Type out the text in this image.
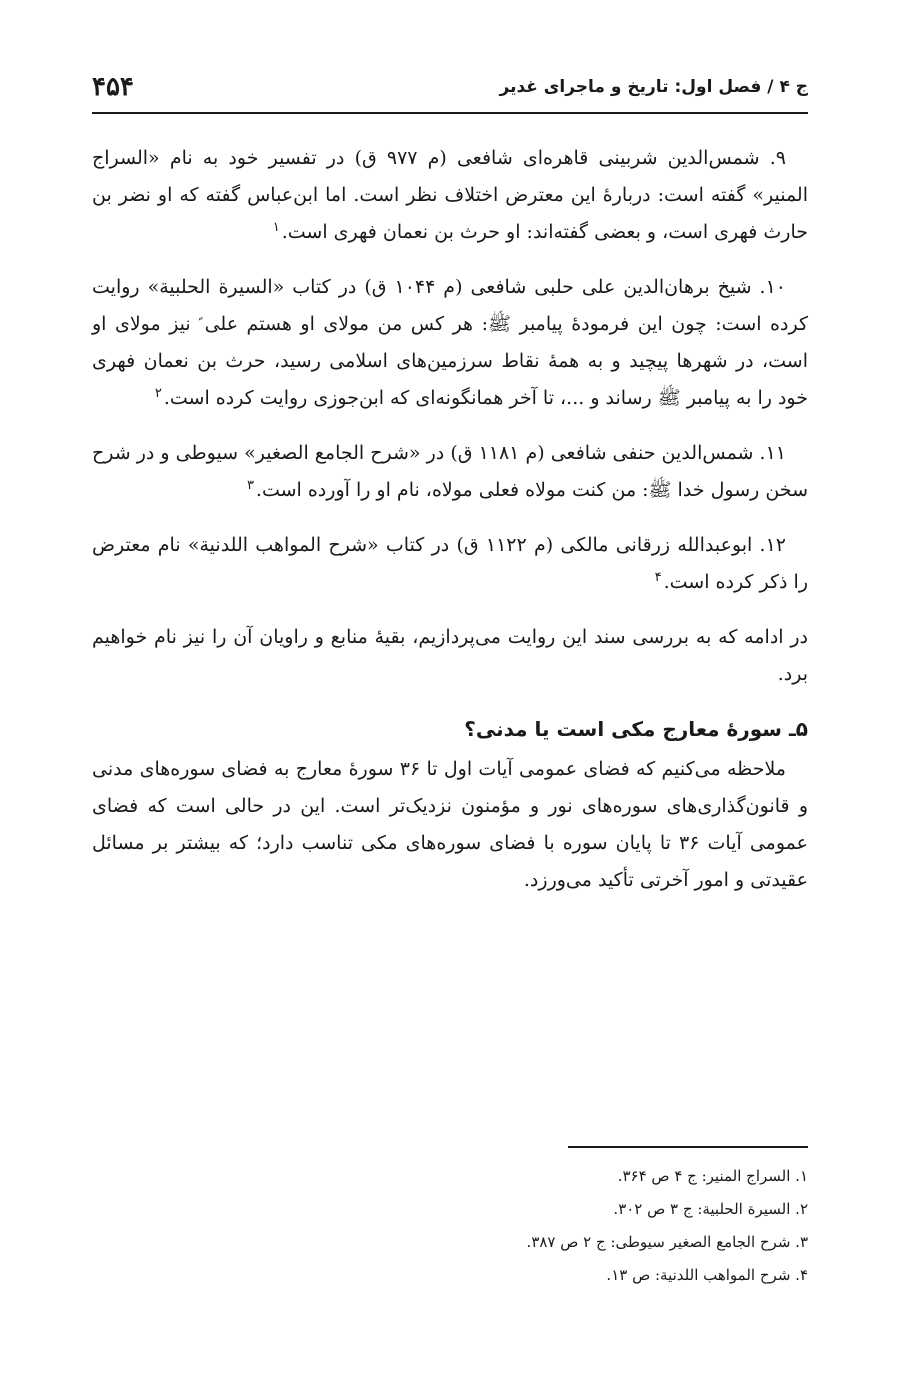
ج ۴ / فصل اول: تاریخ و ماجرای غدیر
۴۵۴

۹. شمس‌الدین شربینی قاهره‌ای شافعی (م ۹۷۷ ق) در تفسیر خود به نام «السراج المنیر» گفته است: دربارهٔ این معترض اختلاف نظر است. اما ابن‌عباس گفته که او نضر بن حارث فهری است، و بعضی گفته‌اند: او حرث بن نعمان فهری است.$^۱$

۱۰. شیخ برهان‌الدین علی حلبی شافعی (م ۱۰۴۴ ق) در کتاب «السیرة الحلبیة» روایت کرده است: چون این فرمودهٔ پیامبر ﷺ: هر کس من مولای او هستم علی ؑ نیز مولای او است، در شهرها پیچید و به همهٔ نقاط سرزمین‌های اسلامی رسید، حرث بن نعمان فهری خود را به پیامبر ﷺ رساند و ...، تا آخر همانگونه‌ای که ابن‌جوزی روایت کرده است.$^۲$

۱۱. شمس‌الدین حنفی شافعی (م ۱۱۸۱ ق) در «شرح الجامع الصغیر» سیوطی و در شرح سخن رسول خدا ﷺ: من کنت مولاه فعلی مولاه، نام او را آورده است.$^۳$

۱۲. ابوعبدالله زرقانی مالکی (م ۱۱۲۲ ق) در کتاب «شرح المواهب اللدنیة» نام معترض را ذکر کرده است.$^۴$

در ادامه که به بررسی سند این روایت می‌پردازیم، بقیهٔ منابع و راویان آن را نیز نام خواهیم برد.

۵ـ سورهٔ معارج مکی است یا مدنی؟

ملاحظه می‌کنیم که فضای عمومی آیات اول تا ۳۶ سورهٔ معارج به فضای سوره‌های مدنی و قانون‌گذاری‌های سوره‌های نور و مؤمنون نزدیک‌تر است. این در حالی است که فضای عمومی آیات ۳۶ تا پایان سوره با فضای سوره‌های مکی تناسب دارد؛ که بیشتر بر مسائل عقیدتی و امور آخرتی تأکید می‌ورزد.

۱. السراج المنیر: ج ۴ ص ۳۶۴.
۲. السیرة الحلبیة: ج ۳ ص ۳۰۲.
۳. شرح الجامع الصغیر سیوطی: ج ۲ ص ۳۸۷.
۴. شرح المواهب اللدنیة: ص ۱۳.
